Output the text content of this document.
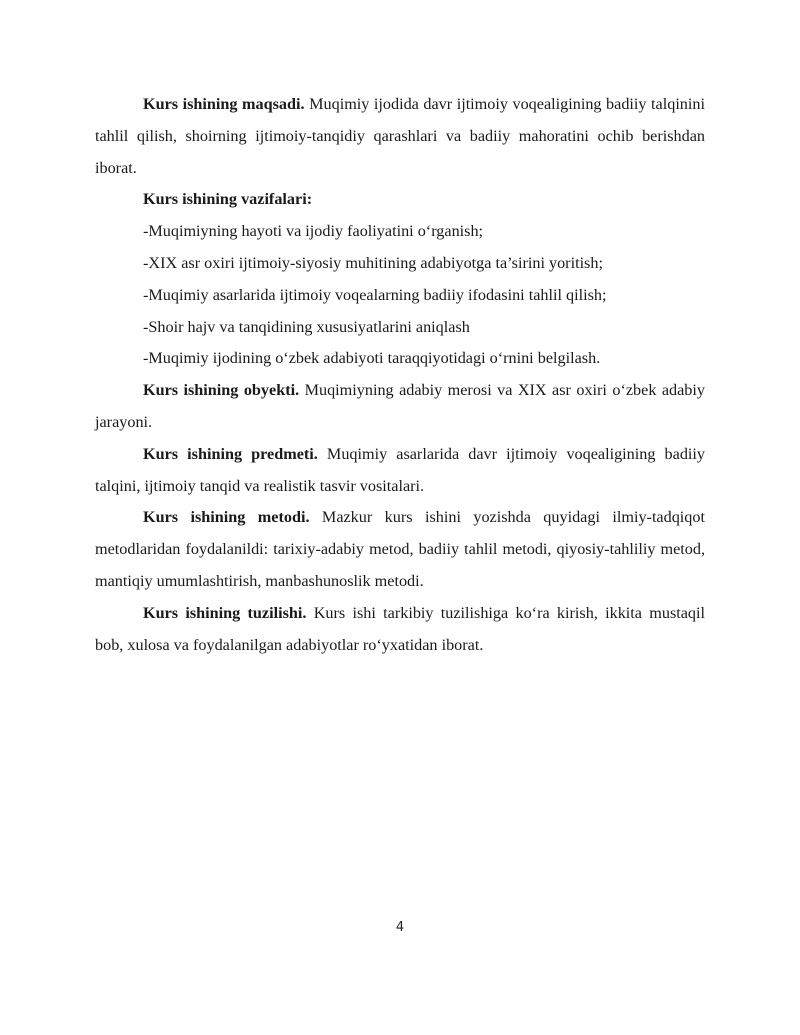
Kurs ishining maqsadi. Muqimiy ijodida davr ijtimoiy voqealigining badiiy talqinini tahlil qilish, shoirning ijtimoiy-tanqidiy qarashlari va badiiy mahoratini ochib berishdan iborat.

Kurs ishining vazifalari:

-Muqimiyning hayoti va ijodiy faoliyatini o‘rganish;

-XIX asr oxiri ijtimoiy-siyosiy muhitining adabiyotga ta’sirini yoritish;

-Muqimiy asarlarida ijtimoiy voqealarning badiiy ifodasini tahlil qilish;

-Shoir hajv va tanqidining xususiyatlarini aniqlash

-Muqimiy ijodining o‘zbek adabiyoti taraqqiyotidagi o‘rnini belgilash.

Kurs ishining obyekti. Muqimiyning adabiy merosi va XIX asr oxiri o‘zbek adabiy jarayoni.

Kurs ishining predmeti. Muqimiy asarlarida davr ijtimoiy voqealigining badiiy talqini, ijtimoiy tanqid va realistik tasvir vositalari.

Kurs ishining metodi. Mazkur kurs ishini yozishda quyidagi ilmiy-tadqiqot metodlaridan foydalanildi: tarixiy-adabiy metod, badiiy tahlil metodi, qiyosiy-tahliliy metod, mantiqiy umumlashtirish, manbashunoslik metodi.

Kurs ishining tuzilishi. Kurs ishi tarkibiy tuzilishiga ko‘ra kirish, ikkita mustaqil bob, xulosa va foydalanilgan adabiyotlar ro‘yxatidan iborat.

4
